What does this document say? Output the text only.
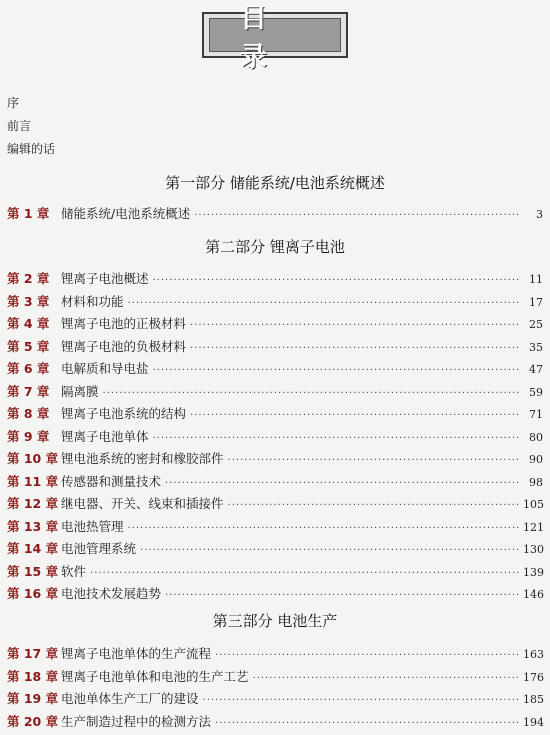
目 录
序
前言
编辑的话
第一部分 储能系统/电池系统概述
第 1 章 储能系统/电池系统概述 ·····	3
第二部分 锂离子电池
第 2 章 锂离子电池概述 ·····	11
第 3 章 材料和功能 ·····	17
第 4 章 锂离子电池的正极材料 ·····	25
第 5 章 锂离子电池的负极材料 ·····	35
第 6 章 电解质和导电盐 ·····	47
第 7 章 隔离膜 ·····	59
第 8 章 锂离子电池系统的结构 ·····	71
第 9 章 锂离子电池单体 ·····	80
第 10 章 锂电池系统的密封和橡胶部件 ·····	90
第 11 章 传感器和测量技术 ·····	98
第 12 章 继电器、开关、线束和插接件 ·····	105
第 13 章 电池热管理 ·····	121
第 14 章 电池管理系统 ·····	130
第 15 章 软件 ·····	139
第 16 章 电池技术发展趋势 ·····	146
第三部分 电池生产
第 17 章 锂离子电池单体的生产流程 ·····	163
第 18 章 锂离子电池单体和电池的生产工艺 ·····	176
第 19 章 电池单体生产工厂的建设 ·····	185
第 20 章 生产制造过程中的检测方法 ·····	194
